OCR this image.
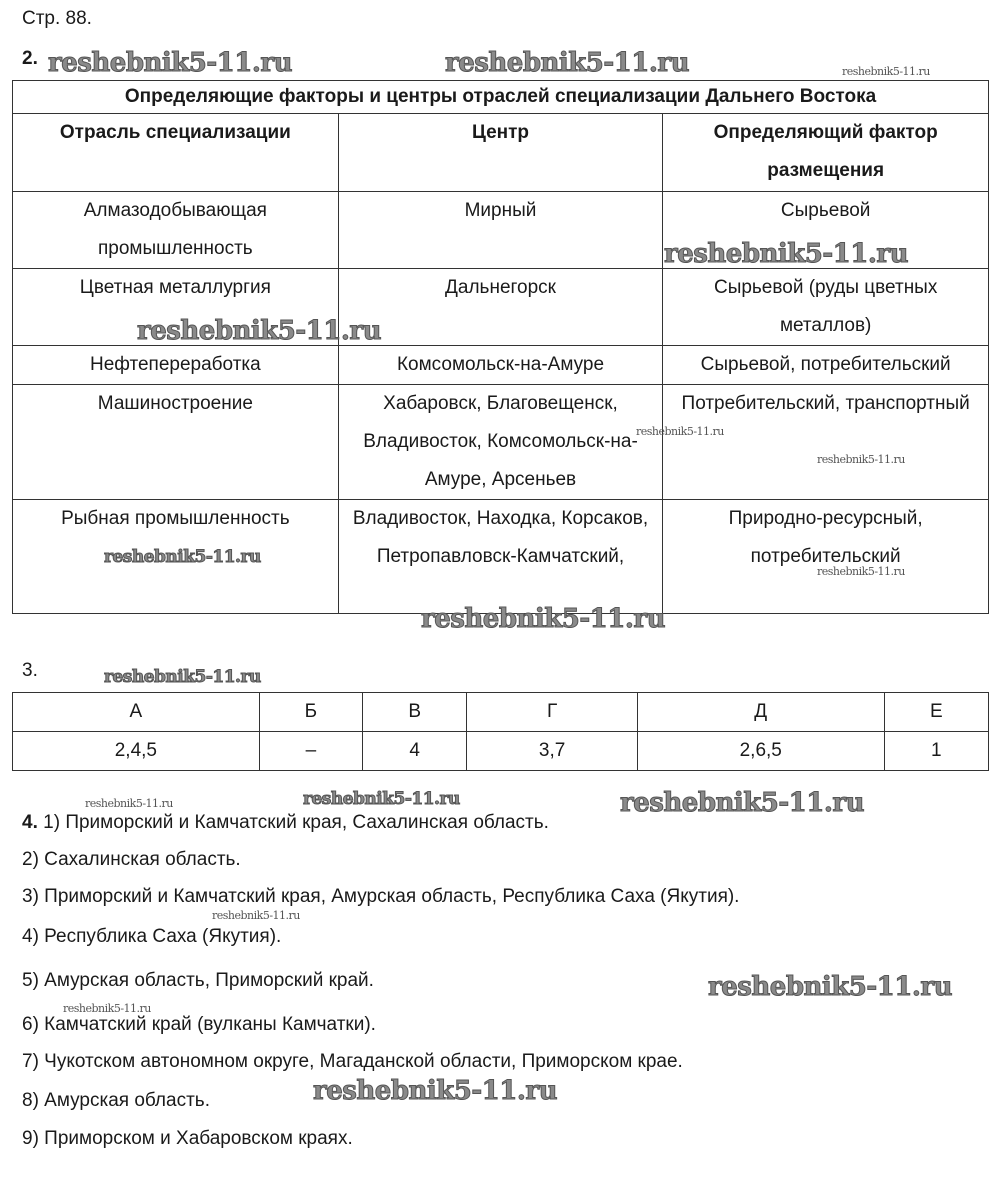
Стр. 88.
2.
Определяющие факторы и центры отраслей специализации Дальнего Востока		
Отрасль специализации	Центр	Определяющий фактор размещения
Алмазодобывающая промышленность	Мирный	Сырьевой
Цветная металлургия	Дальнегорск	Сырьевой (руды цветных металлов)
Нефтепереработка	Комсомольск-на-Амуре	Сырьевой, потребительский
Машиностроение	Хабаровск, Благовещенск, Владивосток, Комсомольск-на-Амуре, Арсеньев	Потребительский, транспортный
Рыбная промышленность	Владивосток, Находка, Корсаков, Петропавловск-Камчатский,	Природно-ресурсный, потребительский
3.
А	Б	В	Г	Д	Е
2,4,5	–	4	3,7	2,6,5	1
4. 1) Приморский и Камчатский края, Сахалинская область.
2) Сахалинская область.
3) Приморский и Камчатский края, Амурская область, Республика Саха (Якутия).
4) Республика Саха (Якутия).
5) Амурская область, Приморский край.
6) Камчатский край (вулканы Камчатки).
7) Чукотском автономном округе, Магаданской области, Приморском крае.
8) Амурская область.
9) Приморском и Хабаровском краях.
reshebnik5-11.ru	reshebnik5-11.ru	reshebnik5-11.ru
reshebnik5-11.ru
reshebnik5-11.ru
reshebnik5-11.ru
reshebnik5-11.ru
reshebnik5-11.ru
reshebnik5-11.ru
reshebnik5-11.ru
reshebnik5-11.ru
reshebnik5-11.ru	reshebnik5-11.ru	reshebnik5-11.ru
reshebnik5-11.ru
reshebnik5-11.ru
reshebnik5-11.ru
reshebnik5-11.ru
